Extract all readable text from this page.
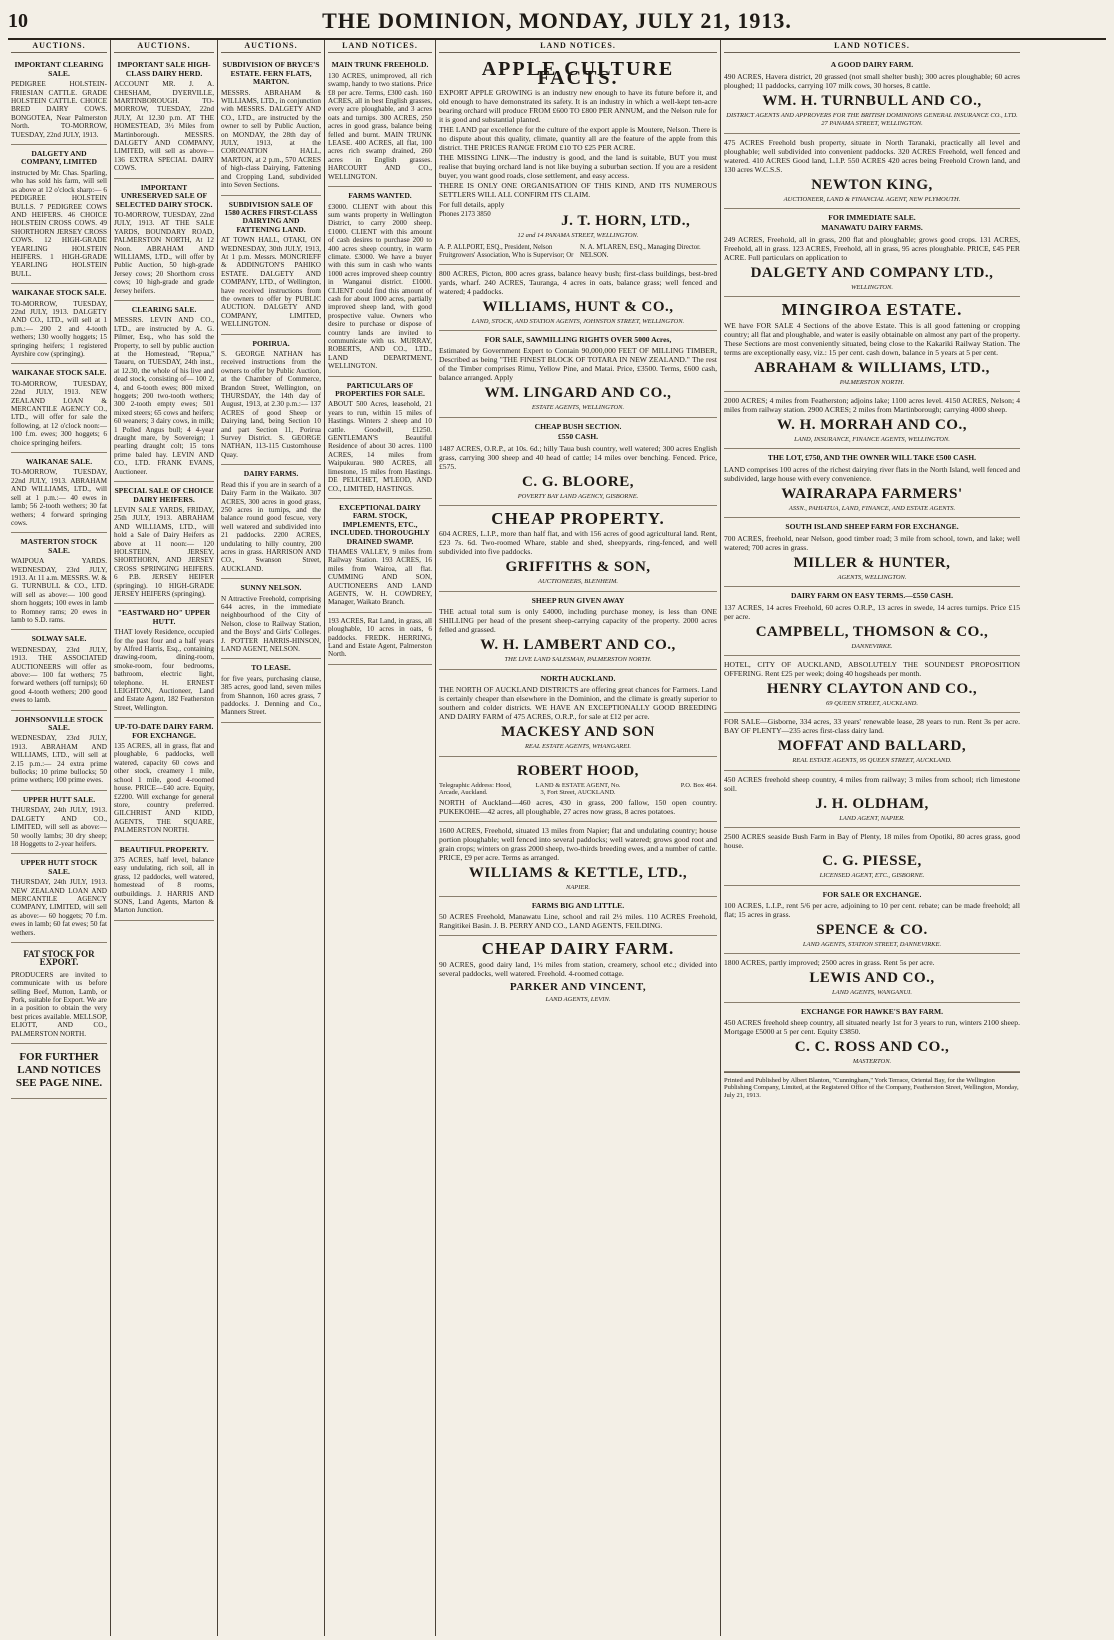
10	THE DOMINION, MONDAY, JULY 21, 1913.
AUCTIONS.
IMPORTANT CLEARING SALE.

PEDIGREE HOLSTEIN-FRIESIAN CATTLE. GRADE HOLSTEIN CATTLE. CHOICE BRED DAIRY COWS. BONGOTEA, Near Palmerston North. TO-MORROW, TUESDAY, 22nd JULY, 1913.

DALGETY AND COMPANY, LIMITED

instructed by Mr. Chas. Sparling, who has sold his farm, will sell as above at 12 o'clock sharp:— 6 PEDIGREE HOLSTEIN BULLS. 7 PEDIGREE COWS AND HEIFERS. 46 CHOICE HOLSTEIN CROSS COWS. 49 SHORTHORN JERSEY CROSS COWS. 12 HIGH-GRADE YEARLING HOLSTEIN HEIFERS. 1 HIGH-GRADE YEARLING HOLSTEIN BULL.

WAIKANAE STOCK SALE.

TO-MORROW, TUESDAY, 22nd JULY, 1913. DALGETY AND CO., LTD., will sell at 1 p.m.:— 200 2 and 4-tooth wethers; 130 woolly hoggets; 15 springing heifers; 1 registered Ayrshire cow (springing).

WAIKANAE STOCK SALE.

TO-MORROW, TUESDAY, 22nd JULY, 1913. NEW ZEALAND LOAN & MERCANTILE AGENCY CO., LTD., will offer for sale the following, at 12 o'clock noon:— 100 f.m. ewes; 300 hoggets; 6 choice springing heifers.

WAIKANAE SALE.

TO-MORROW, TUESDAY, 22nd JULY, 1913. ABRAHAM AND WILLIAMS, LTD., will sell at 1 p.m.:— 40 ewes in lamb; 56 2-tooth wethers; 30 fat wethers; 4 forward springing cows.

MASTERTON STOCK SALE.

WAIPOUA YARDS. WEDNESDAY, 23rd JULY, 1913. At 11 a.m. MESSRS. W. & G. TURNBULL & CO., LTD. will sell as above:— 100 good shorn hoggets; 100 ewes in lamb to Romney rams; 20 ewes in lamb to S.D. rams.

SOLWAY SALE.

WEDNESDAY, 23rd JULY, 1913. THE ASSOCIATED AUCTIONEERS will offer as above:— 100 fat wethers; 75 forward wethers (off turnips); 60 good 4-tooth wethers; 200 good ewes to lamb.

JOHNSONVILLE STOCK SALE.

WEDNESDAY, 23rd JULY, 1913. ABRAHAM AND WILLIAMS, LTD., will sell at 2.15 p.m.:— 24 extra prime bullocks; 10 prime bullocks; 50 prime wethers; 100 prime ewes.

UPPER HUTT SALE.

THURSDAY, 24th JULY, 1913. DALGETY AND CO., LIMITED, will sell as above:— 50 woolly lambs; 30 dry sheep; 18 Hoggetts to 2-year heifers.

UPPER HUTT STOCK SALE.

THURSDAY, 24th JULY, 1913. NEW ZEALAND LOAN AND MERCANTILE AGENCY COMPANY, LIMITED, will sell as above:— 60 hoggets; 70 f.m. ewes in lamb; 60 fat ewes; 50 fat wethers.

FAT STOCK FOR EXPORT.

PRODUCERS are invited to communicate with us before selling Beef, Mutton, Lamb, or Pork, suitable for Export. We are in a position to obtain the very best prices available. MELLSOP, ELIOTT, AND CO., PALMERSTON NORTH.

FOR FURTHER LAND NOTICES SEE PAGE NINE.
AUCTIONS.
IMPORTANT SALE HIGH-CLASS DAIRY HERD.

ACCOUNT MR. J. A. CHESHAM, DYERVILLE, MARTINBOROUGH. TO-MORROW, TUESDAY, 22nd JULY, At 12.30 p.m. AT THE HOMESTEAD, 3½ Miles from Martinborough. MESSRS. DALGETY AND COMPANY, LIMITED, will sell as above— 136 EXTRA SPECIAL DAIRY COWS.

IMPORTANT UNRESERVED SALE OF SELECTED DAIRY STOCK.

TO-MORROW, TUESDAY, 22nd JULY, 1913. AT THE SALE YARDS, BOUNDARY ROAD, PALMERSTON NORTH, At 12 Noon. ABRAHAM AND WILLIAMS, LTD., will offer by Public Auction, 50 high-grade Jersey cows; 20 Shorthorn cross cows; 10 high-grade and grade Jersey heifers.

CLEARING SALE.

MESSRS. LEVIN AND CO., LTD., are instructed by A. G. Pilmer, Esq., who has sold the Property, to sell by public auction at the Homestead, "Repua," Tauaru, on TUESDAY, 24th inst., at 12.30, the whole of his live and dead stock, consisting of— 100 2, 4, and 6-tooth ewes; 800 mixed hoggets; 200 two-tooth wethers; 300 2-tooth empty ewes; 501 mixed steers; 65 cows and heifers; 60 weaners; 3 dairy cows, in milk; 1 Polled Angus bull; 4 4-year draught mare, by Sovereign; 1 pearling draught colt; 15 tons prime baled hay. LEVIN AND CO., LTD. FRANK EVANS, Auctioneer.

SPECIAL SALE OF CHOICE DAIRY HEIFERS.

LEVIN SALE YARDS, FRIDAY, 25th JULY, 1913. ABRAHAM AND WILLIAMS, LTD., will hold a Sale of Dairy Heifers as above at 11 noon:— 120 HOLSTEIN, JERSEY, SHORTHORN, AND JERSEY CROSS SPRINGING HEIFERS. 6 P.B. JERSEY HEIFER (springing). 10 HIGH-GRADE JERSEY HEIFERS (springing).

"EASTWARD HO" UPPER HUTT.

THAT lovely Residence, occupied for the past four and a half years by Alfred Harris, Esq., containing drawing-room, dining-room, smoke-room, four bedrooms, bathroom, electric light, telephone. H. ERNEST LEIGHTON, Auctioneer, Land and Estate Agent, 182 Featherston Street, Wellington.

UP-TO-DATE DAIRY FARM. FOR EXCHANGE.

135 ACRES, all in grass, flat and ploughable, 6 paddocks, well watered, capacity 60 cows and other stock, creamery 1 mile, school 1 mile, good 4-roomed house. PRICE—£40 acre. Equity, £2200. Will exchange for general store, country preferred. GILCHRIST AND KIDD, AGENTS, THE SQUARE, PALMERSTON NORTH.

BEAUTIFUL PROPERTY.

375 ACRES, half level, balance easy undulating, rich soil, all in grass, 12 paddocks, well watered, homestead of 8 rooms, outbuildings. J. HARRIS AND SONS, Land Agents, Marton & Marton Junction.

AUCTIONS.
SUBDIVISION OF BRYCE'S ESTATE. FERN FLATS, MARTON.

MESSRS. ABRAHAM & WILLIAMS, LTD., in conjunction with MESSRS. DALGETY AND CO., LTD., are instructed by the owner to sell by Public Auction, on MONDAY, the 28th day of JULY, 1913, at the CORONATION HALL, MARTON, at 2 p.m., 570 ACRES of high-class Dairying, Fattening and Cropping Land, subdivided into Seven Sections.

SUBDIVISION SALE OF 1580 ACRES FIRST-CLASS DAIRYING AND FATTENING LAND.

AT TOWN HALL, OTAKI, ON WEDNESDAY, 30th JULY, 1913, At 1 p.m. Messrs. MONCRIEFF & ADDINGTON'S PAHIKO ESTATE. DALGETY AND COMPANY, LTD., of Wellington, have received instructions from the owners to offer by PUBLIC AUCTION. DALGETY AND COMPANY, LIMITED, WELLINGTON.

PORIRUA.

S. GEORGE NATHAN has received instructions from the owners to offer by Public Auction, at the Chamber of Commerce, Brandon Street, Wellington, on THURSDAY, the 14th day of August, 1913, at 2.30 p.m.:— 137 ACRES of good Sheep or Dairying land, being Section 10 and part Section 11, Porirua Survey District. S. GEORGE NATHAN, 113-115 Customhouse Quay.

DAIRY FARMS.

Read this if you are in search of a Dairy Farm in the Waikato. 307 ACRES, 300 acres in good grass, 250 acres in turnips, and the balance round good fescue, very well watered and subdivided into 21 paddocks. 2200 ACRES, undulating to hilly country, 200 acres in grass. HARRISON AND CO., Swanson Street, AUCKLAND.

SUNNY NELSON.

N Attractive Freehold, comprising 644 acres, in the immediate neighbourhood of the City of Nelson, close to Railway Station, and the Boys' and Girls' Colleges. J. POTTER HARRIS-HINSON, LAND AGENT, NELSON.

TO LEASE.

for five years, purchasing clause, 385 acres, good land, seven miles from Shannon, 160 acres grass, 7 paddocks. J. Denning and Co., Manners Street.

LAND NOTICES.
MAIN TRUNK FREEHOLD.

130 ACRES, unimproved, all rich swamp, handy to two stations. Price £8 per acre. Terms, £300 cash. 160 ACRES, all in best English grasses, every acre ploughable, and 3 acres oats and turnips. 300 ACRES, 250 acres in good grass, balance being felled and burnt. MAIN TRUNK LEASE. 400 ACRES, all flat, 100 acres rich swamp drained, 260 acres in English grasses. HARCOURT AND CO., WELLINGTON.

FARMS WANTED.

£3000. CLIENT with about this sum wants property in Wellington District, to carry 2000 sheep. £1000. CLIENT with this amount of cash desires to purchase 200 to 400 acres sheep country, in warm climate. £3000. We have a buyer with this sum in cash who wants 1000 acres improved sheep country in Wanganui district. £1000. CLIENT could find this amount of cash for about 1000 acres, partially improved sheep land, with good prospective value. Owners who desire to purchase or dispose of country lands are invited to communicate with us. MURRAY, ROBERTS, AND CO., LTD., LAND DEPARTMENT, WELLINGTON.

PARTICULARS OF PROPERTIES FOR SALE.

ABOUT 500 Acres, leasehold, 21 years to run, within 15 miles of Hastings. Winters 2 sheep and 10 cattle. Goodwill, £1250. GENTLEMAN'S Beautiful Residence of about 30 acres. 1100 ACRES, 14 miles from Waipukurau. 980 ACRES, all limestone, 15 miles from Hastings. DE PELICHET, M'LEOD, AND CO., LIMITED, HASTINGS.

EXCEPTIONAL DAIRY FARM. STOCK, IMPLEMENTS, ETC., INCLUDED. THOROUGHLY DRAINED SWAMP.

THAMES VALLEY, 9 miles from Railway Station. 193 ACRES, 16 miles from Wairoa, all flat. CUMMING AND SON, AUCTIONEERS AND LAND AGENTS, W. H. COWDREY, Manager, Waikato Branch.

193 ACRES, Rat Land, in grass, all ploughable, 10 acres in oats, 6 paddocks. FREDK. HERRING, Land and Estate Agent, Palmerston North.

LAND NOTICES.
APPLE CULTURE FACTS.

EXPORT APPLE GROWING is an industry new enough to have its future before it, and old enough to have demonstrated its safety. It is an industry in which a well-kept ten-acre bearing orchard will produce FROM £600 TO £800 PER ANNUM, and the Nelson rule for it is good and substantial planted.

THE LAND par excellence for the culture of the export apple is Moutere, Nelson. There is no dispute about this quality, climate, quantity all are the feature of the apple from this district. THE PRICES RANGE FROM £10 TO £25 PER ACRE.

THE MISSING LINK—The industry is good, and the land is suitable, BUT you must realise that buying orchard land is not like buying a suburban section. If you are a resident buyer, you want good roads, close settlement, and easy access.

THERE IS ONLY ONE ORGANISATION OF THIS KIND, AND ITS NUMEROUS SETTLERS WILL ALL CONFIRM ITS CLAIM.

For full details, apply

Phones 2173 3850	J. T. HORN, LTD.,
12 and 14 PANAMA STREET, WELLINGTON.
A. P. ALLPORT, ESQ., President, Nelson Fruitgrowers' Association, Who is Supervisor; Or
N. A. M'LAREN, ESQ., Managing Director. NELSON.

800 ACRES, Picton, 800 acres grass, balance heavy bush; first-class buildings, best-bred yards, wharf. 240 ACRES, Tauranga, 4 acres in oats, balance grass; well fenced and watered; 4 paddocks.

WILLIAMS, HUNT & CO.,
LAND, STOCK, AND STATION AGENTS, JOHNSTON STREET, WELLINGTON.
FOR SALE, SAWMILLING RIGHTS OVER 5000 Acres,

Estimated by Government Expert to Contain 90,000,000 FEET OF MILLING TIMBER, Described as being "THE FINEST BLOCK OF TOTARA IN NEW ZEALAND." The rest of the Timber comprises Rimu, Yellow Pine, and Matai. Price, £3500. Terms, £600 cash, balance arranged. Apply

WM. LINGARD AND CO.,
ESTATE AGENTS, WELLINGTON.
CHEAP BUSH SECTION.
£550 CASH.

1487 ACRES, O.R.P., at 10s. 6d.; hilly Taua bush country, well watered; 300 acres English grass, carrying 300 sheep and 40 head of cattle; 14 miles over benching. Fenced. Price, £575.

C. G. BLOORE,
POVERTY BAY LAND AGENCY, GISBORNE.
CHEAP PROPERTY.

604 ACRES, L.I.P., more than half flat, and with 156 acres of good agricultural land. Rent, £23 7s. 6d. Two-roomed Whare, stable and shed, sheepyards, ring-fenced, and well subdivided into five paddocks.

GRIFFITHS & SON,
AUCTIONEERS, BLENHEIM.
SHEEP RUN GIVEN AWAY

THE actual total sum is only £4000, including purchase money, is less than ONE SHILLING per head of the present sheep-carrying capacity of the property. 2000 acres felled and grassed.

W. H. LAMBERT AND CO.,
THE LIVE LAND SALESMAN, PALMERSTON NORTH.
NORTH AUCKLAND.

THE NORTH OF AUCKLAND DISTRICTS are offering great chances for Farmers. Land is certainly cheaper than elsewhere in the Dominion, and the climate is greatly superior to southern and colder districts. WE HAVE AN EXCEPTIONALLY GOOD BREEDING AND DAIRY FARM of 475 ACRES, O.R.P., for sale at £12 per acre.

MACKESY AND SON
REAL ESTATE AGENTS, WHANGAREI.
ROBERT HOOD,
Telegraphic Address: Hood, Arcade, Auckland.
LAND & ESTATE AGENT, No. 3, Fort Street, AUCKLAND.
P.O. Box 464.

NORTH of Auckland—460 acres, 430 in grass, 200 fallow, 150 open country. PUKEKOHE—42 acres, all ploughable, 27 acres now grass, 8 acres potatoes.

1600 ACRES, Freehold, situated 13 miles from Napier; flat and undulating country; house portion ploughable; well fenced into several paddocks; well watered; grows good root and grain crops; winters on grass 2000 sheep, two-thirds breeding ewes, and a number of cattle. PRICE, £9 per acre. Terms as arranged.

WILLIAMS & KETTLE, LTD.,
NAPIER.
FARMS BIG AND LITTLE.

50 ACRES Freehold, Manawatu Line, school and rail 2½ miles. 110 ACRES Freehold, Rangitikei Basin. J. B. PERRY AND CO., LAND AGENTS, FEILDING.

CHEAP DAIRY FARM.

90 ACRES, good dairy land, 1½ miles from station, creamery, school etc.; divided into several paddocks, well watered. Freehold. 4-roomed cottage.

PARKER AND VINCENT,
LAND AGENTS, LEVIN.
LAND NOTICES.
A GOOD DAIRY FARM.

490 ACRES, Havera district, 20 grassed (not small shelter bush); 300 acres ploughable; 60 acres ploughed; 11 paddocks, carrying 107 milk cows, 30 horses, 8 cattle.

WM. H. TURNBULL AND CO.,
DISTRICT AGENTS AND APPROVERS FOR THE BRITISH DOMINIONS GENERAL INSURANCE CO., LTD. 27 PANAMA STREET, WELLINGTON.

475 ACRES Freehold bush property, situate in North Taranaki, practically all level and ploughable; well subdivided into convenient paddocks. 320 ACRES Freehold, well fenced and watered. 410 ACRES Good land, L.I.P. 550 ACRES 420 acres being Freehold Crown land, and 130 acres W.C.S.S.

NEWTON KING,
AUCTIONEER, LAND & FINANCIAL AGENT, NEW PLYMOUTH.
FOR IMMEDIATE SALE.
MANAWATU DAIRY FARMS.

249 ACRES, Freehold, all in grass, 200 flat and ploughable; grows good crops. 131 ACRES, Freehold, all in grass. 123 ACRES, Freehold, all in grass, 95 acres ploughable. PRICE, £45 PER ACRE. Full particulars on application to

DALGETY AND COMPANY LTD.,
WELLINGTON.
MINGIROA ESTATE.

WE have FOR SALE 4 Sections of the above Estate. This is all good fattening or cropping country; all flat and ploughable, and water is easily obtainable on almost any part of the property. These Sections are most conveniently situated, being close to the Kakariki Railway Station. The terms are exceptionally easy, viz.: 15 per cent. cash down, balance in 5 years at 5 per cent.

ABRAHAM & WILLIAMS, LTD.,
PALMERSTON NORTH.

2000 ACRES; 4 miles from Featherston; adjoins lake; 1100 acres level. 4150 ACRES, Nelson; 4 miles from railway station. 2900 ACRES; 2 miles from Martinborough; carrying 4000 sheep.

W. H. MORRAH AND CO.,
LAND, INSURANCE, FINANCE AGENTS, WELLINGTON.
THE LOT, £750, AND THE OWNER WILL TAKE £500 CASH.

LAND comprises 100 acres of the richest dairying river flats in the North Island, well fenced and subdivided, large house with every convenience.

WAIRARAPA FARMERS'
ASSN., PAHIATUA, LAND, FINANCE, AND ESTATE AGENTS.
SOUTH ISLAND SHEEP FARM FOR EXCHANGE.

700 ACRES, freehold, near Nelson, good timber road; 3 mile from school, town, and lake; well watered; 700 acres in grass.

MILLER & HUNTER,
AGENTS, WELLINGTON.
DAIRY FARM ON EASY TERMS.—£550 CASH.

137 ACRES, 14 acres Freehold, 60 acres O.R.P., 13 acres in swede, 14 acres turnips. Price £15 per acre.

CAMPBELL, THOMSON & CO.,
DANNEVIRKE.

HOTEL, CITY OF AUCKLAND, ABSOLUTELY THE SOUNDEST PROPOSITION OFFERING. Rent £25 per week; doing 40 hogsheads per month.

HENRY CLAYTON AND CO.,
69 QUEEN STREET, AUCKLAND.

FOR SALE—Gisborne, 334 acres, 33 years' renewable lease, 28 years to run. Rent 3s per acre. BAY OF PLENTY—235 acres first-class dairy land.

MOFFAT AND BALLARD,
REAL ESTATE AGENTS, 95 QUEEN STREET, AUCKLAND.

450 ACRES freehold sheep country, 4 miles from railway; 3 miles from school; rich limestone soil.

J. H. OLDHAM,
LAND AGENT, NAPIER.

2500 ACRES seaside Bush Farm in Bay of Plenty, 18 miles from Opotiki, 80 acres grass, good house.

C. G. PIESSE,
LICENSED AGENT, ETC., GISBORNE.
FOR SALE OR EXCHANGE.

100 ACRES, L.I.P., rent 5/6 per acre, adjoining to 10 per cent. rebate; can be made freehold; all flat; 15 acres in grass.

SPENCE & CO.
LAND AGENTS, STATION STREET, DANNEVIRKE.

1800 ACRES, partly improved; 2500 acres in grass. Rent 5s per acre.

LEWIS AND CO.,
LAND AGENTS, WANGANUI.
EXCHANGE FOR HAWKE'S BAY FARM.

450 ACRES freehold sheep country, all situated nearly 1st for 3 years to run, winters 2100 sheep. Mortgage £5000 at 5 per cent. Equity £3850.

C. C. ROSS AND CO.,
MASTERTON.
Printed and Published by Albert Blanton, "Cunningham," York Terrace, Oriental Bay, for the Wellington Publishing Company, Limited, at the Registered Office of the Company, Featherston Street, Wellington, Monday, July 21, 1913.
